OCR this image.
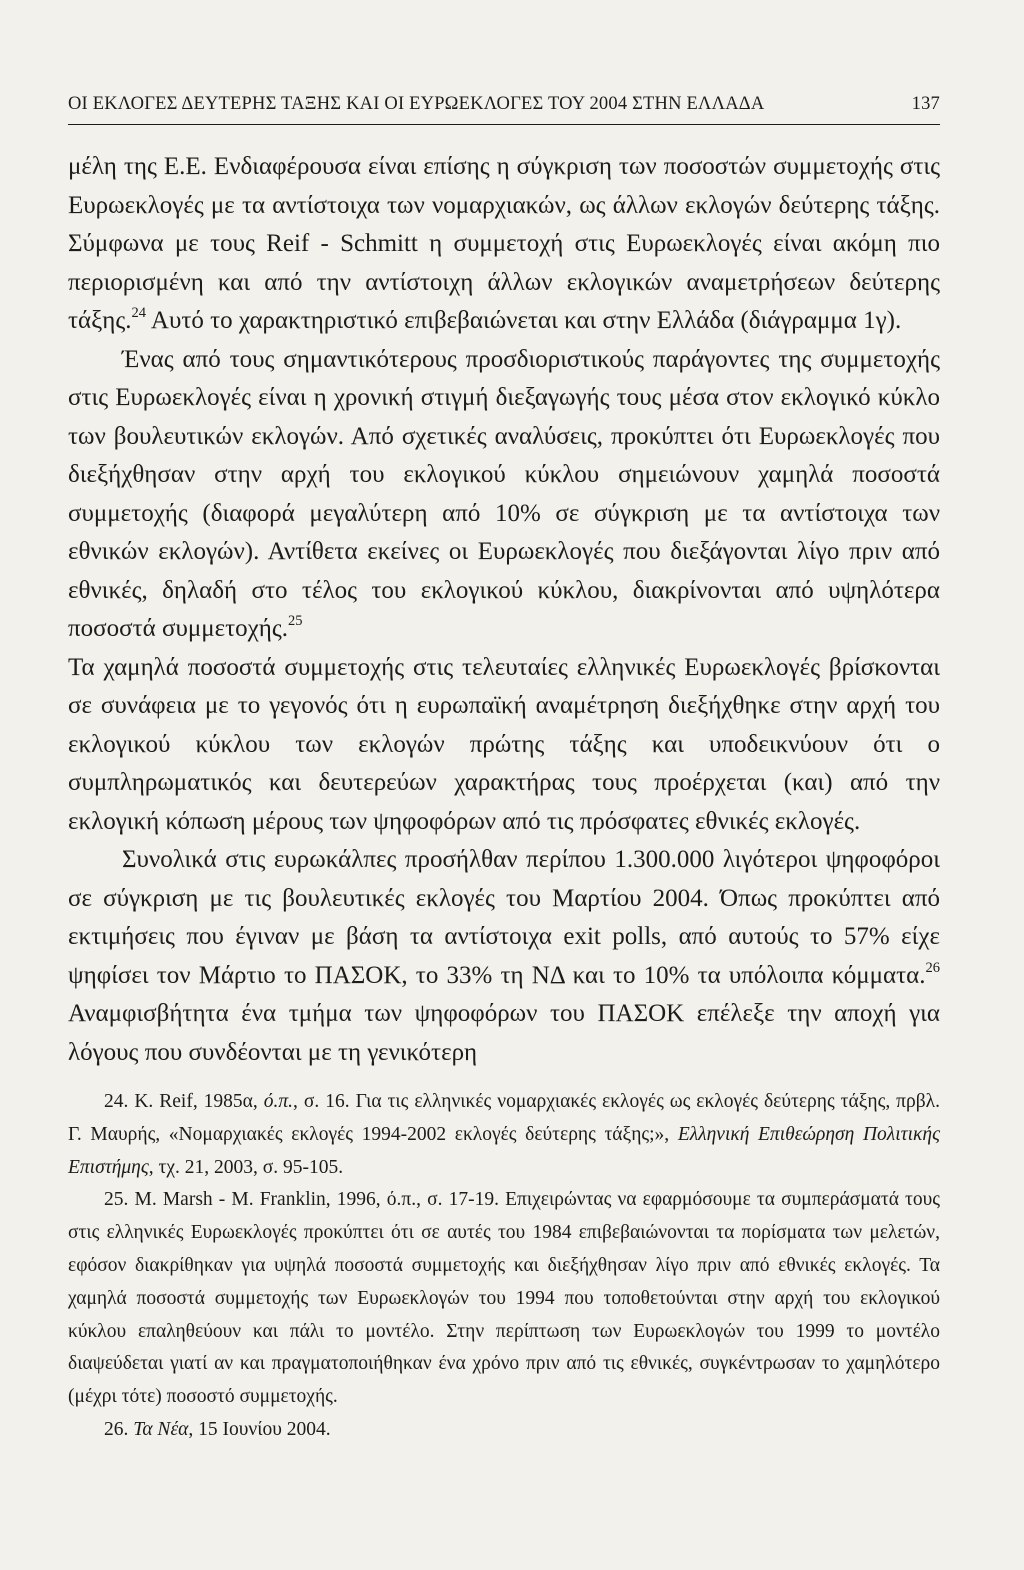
ΟΙ ΕΚΛΟΓΕΣ ΔΕΥΤΕΡΗΣ ΤΑΞΗΣ ΚΑΙ ΟΙ ΕΥΡΩΕΚΛΟΓΕΣ ΤΟΥ 2004 ΣΤΗΝ ΕΛΛΑΔΑ	137

μέλη της Ε.Ε. Ενδιαφέρουσα είναι επίσης η σύγκριση των ποσοστών συμμετοχής στις Ευρωεκλογές με τα αντίστοιχα των νομαρχιακών, ως άλλων εκλογών δεύτερης τάξης. Σύμφωνα με τους Reif - Schmitt η συμμετοχή στις Ευρωεκλογές είναι ακόμη πιο περιορισμένη και από την αντίστοιχη άλλων εκλογικών αναμετρήσεων δεύτερης τάξης.$^{24}$ Αυτό το χαρακτηριστικό επιβεβαιώνεται και στην Ελλάδα (διάγραμμα 1γ).

Ένας από τους σημαντικότερους προσδιοριστικούς παράγοντες της συμμετοχής στις Ευρωεκλογές είναι η χρονική στιγμή διεξαγωγής τους μέσα στον εκλογικό κύκλο των βουλευτικών εκλογών. Από σχετικές αναλύσεις, προκύπτει ότι Ευρωεκλογές που διεξήχθησαν στην αρχή του εκλογικού κύκλου σημειώνουν χαμηλά ποσοστά συμμετοχής (διαφορά μεγαλύτερη από 10% σε σύγκριση με τα αντίστοιχα των εθνικών εκλογών). Αντίθετα εκείνες οι Ευρωεκλογές που διεξάγονται λίγο πριν από εθνικές, δηλαδή στο τέλος του εκλογικού κύκλου, διακρίνονται από υψηλότερα ποσοστά συμμετοχής.$^{25}$

Τα χαμηλά ποσοστά συμμετοχής στις τελευταίες ελληνικές Ευρωεκλογές βρίσκονται σε συνάφεια με το γεγονός ότι η ευρωπαϊκή αναμέτρηση διεξήχθηκε στην αρχή του εκλογικού κύκλου των εκλογών πρώτης τάξης και υποδεικνύουν ότι ο συμπληρωματικός και δευτερεύων χαρακτήρας τους προέρχεται (και) από την εκλογική κόπωση μέρους των ψηφοφόρων από τις πρόσφατες εθνικές εκλογές.

Συνολικά στις ευρωκάλπες προσήλθαν περίπου 1.300.000 λιγότεροι ψηφοφόροι σε σύγκριση με τις βουλευτικές εκλογές του Μαρτίου 2004. Όπως προκύπτει από εκτιμήσεις που έγιναν με βάση τα αντίστοιχα exit polls, από αυτούς το 57% είχε ψηφίσει τον Μάρτιο το ΠΑΣΟΚ, το 33% τη ΝΔ και το 10% τα υπόλοιπα κόμματα.$^{26}$ Αναμφισβήτητα ένα τμήμα των ψηφοφόρων του ΠΑΣΟΚ επέλεξε την αποχή για λόγους που συνδέονται με τη γενικότερη

24. K. Reif, 1985α, ό.π., σ. 16. Για τις ελληνικές νομαρχιακές εκλογές ως εκλογές δεύτερης τάξης, πρβλ. Γ. Μαυρής, «Νομαρχιακές εκλογές 1994-2002 εκλογές δεύτερης τάξης;», Ελληνική Επιθεώρηση Πολιτικής Επιστήμης, τχ. 21, 2003, σ. 95-105.

25. M. Marsh - M. Franklin, 1996, ό.π., σ. 17-19. Επιχειρώντας να εφαρμόσουμε τα συμπεράσματά τους στις ελληνικές Ευρωεκλογές προκύπτει ότι σε αυτές του 1984 επιβεβαιώνονται τα πορίσματα των μελετών, εφόσον διακρίθηκαν για υψηλά ποσοστά συμμετοχής και διεξήχθησαν λίγο πριν από εθνικές εκλογές. Τα χαμηλά ποσοστά συμμετοχής των Ευρωεκλογών του 1994 που τοποθετούνται στην αρχή του εκλογικού κύκλου επαληθεύουν και πάλι το μοντέλο. Στην περίπτωση των Ευρωεκλογών του 1999 το μοντέλο διαψεύδεται γιατί αν και πραγματοποιήθηκαν ένα χρόνο πριν από τις εθνικές, συγκέντρωσαν το χαμηλότερο (μέχρι τότε) ποσοστό συμμετοχής.

26. Τα Νέα, 15 Ιουνίου 2004.
